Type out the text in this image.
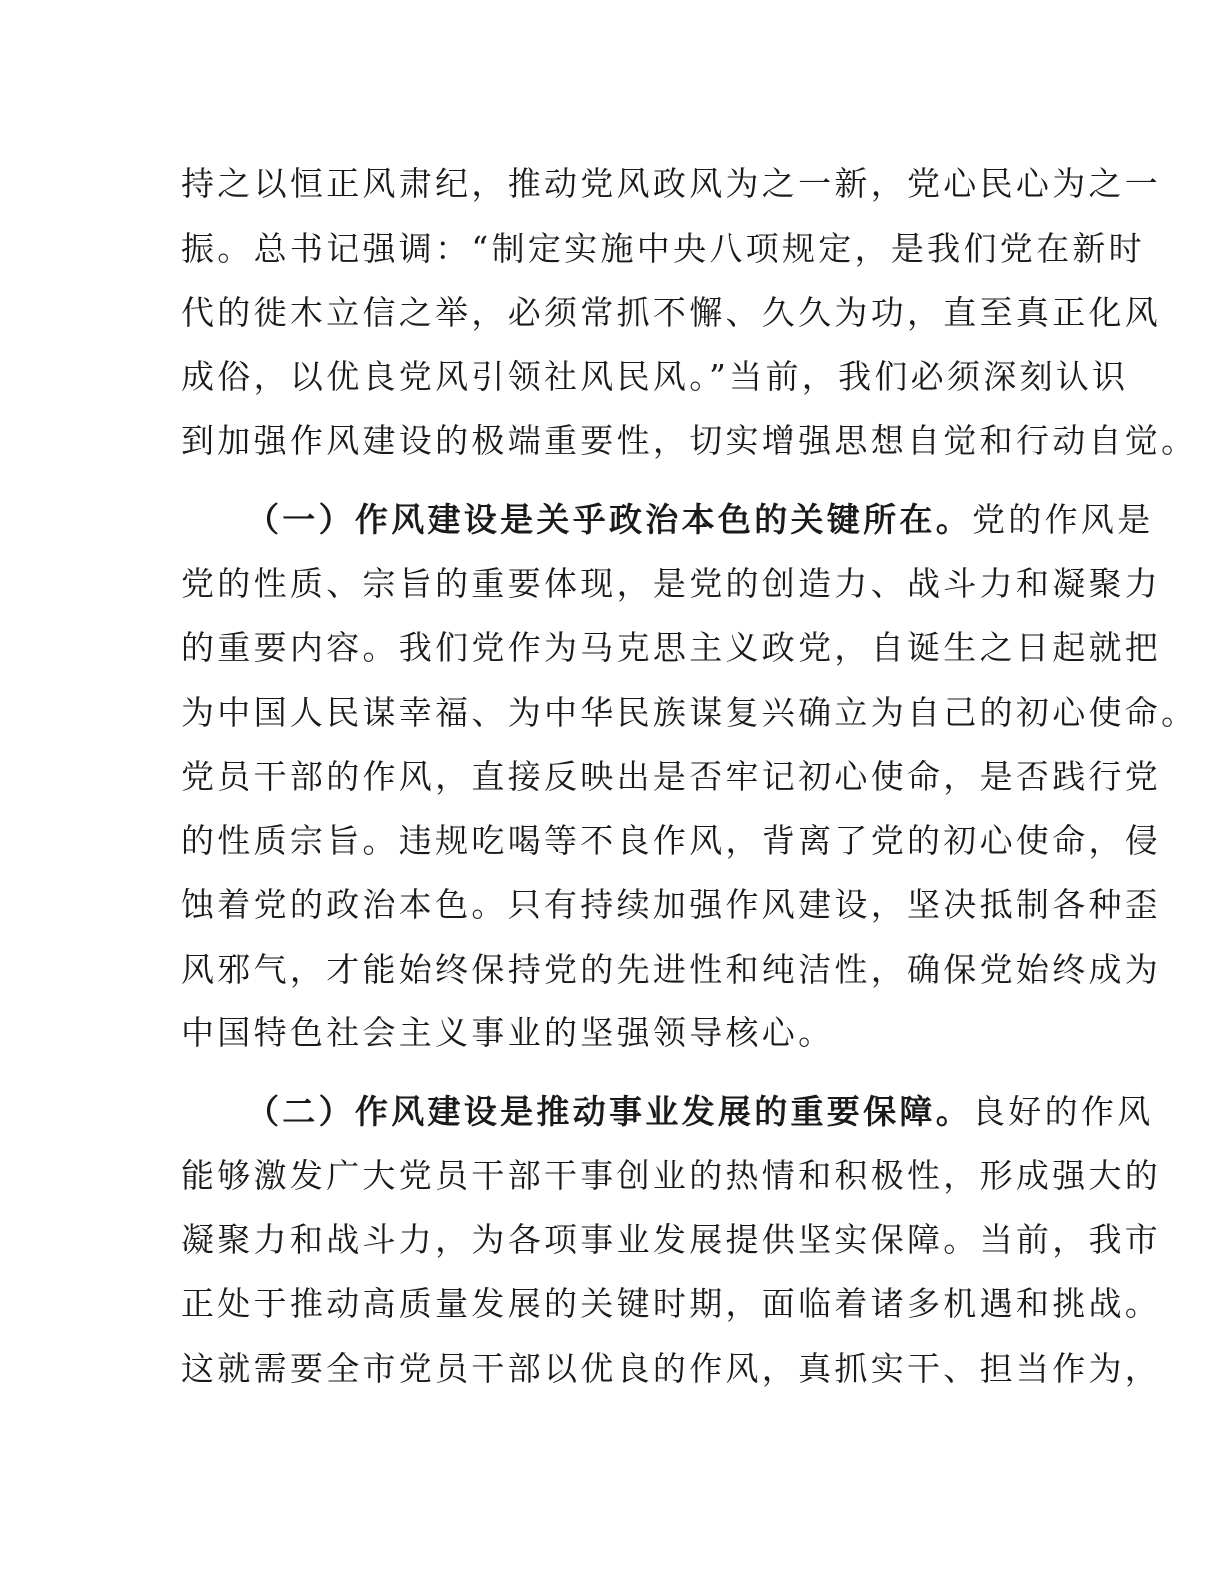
持之以恒正风肃纪，推动党风政风为之一新，党心民心为之一
振。总书记强调：“制定实施中央八项规定，是我们党在新时
代的徙木立信之举，必须常抓不懈、久久为功，直至真正化风
成俗，以优良党风引领社风民风。”当前，我们必须深刻认识
到加强作风建设的极端重要性，切实增强思想自觉和行动自觉。
（一）作风建设是关乎政治本色的关键所在。党的作风是
党的性质、宗旨的重要体现，是党的创造力、战斗力和凝聚力
的重要内容。我们党作为马克思主义政党，自诞生之日起就把
为中国人民谋幸福、为中华民族谋复兴确立为自己的初心使命。
党员干部的作风，直接反映出是否牢记初心使命，是否践行党
的性质宗旨。违规吃喝等不良作风，背离了党的初心使命，侵
蚀着党的政治本色。只有持续加强作风建设，坚决抵制各种歪
风邪气，才能始终保持党的先进性和纯洁性，确保党始终成为
中国特色社会主义事业的坚强领导核心。
（二）作风建设是推动事业发展的重要保障。良好的作风
能够激发广大党员干部干事创业的热情和积极性，形成强大的
凝聚力和战斗力，为各项事业发展提供坚实保障。当前，我市
正处于推动高质量发展的关键时期，面临着诸多机遇和挑战。
这就需要全市党员干部以优良的作风，真抓实干、担当作为，
